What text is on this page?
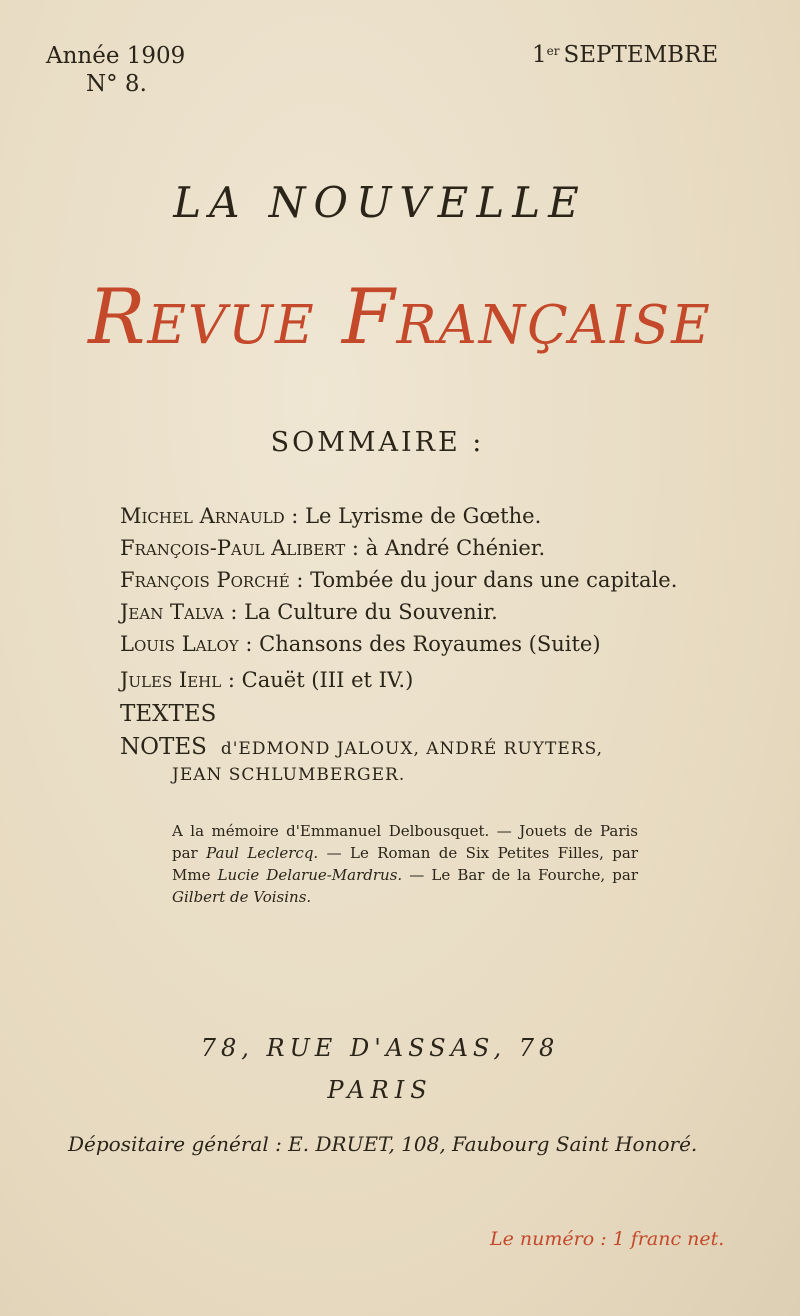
Année 1909
N° 8.
1er SEPTEMBRE
LA NOUVELLE
Revue Française
SOMMAIRE :
Michel Arnauld : Le Lyrisme de Gœthe.
François-Paul Alibert : à André Chénier.
François Porché : Tombée du jour dans une capitale.
Jean Talva : La Culture du Souvenir.
Louis Laloy : Chansons des Royaumes (Suite)
Jules Iehl : Cauët (III et IV.)
TEXTES
NOTES d'EDMOND JALOUX, ANDRÉ RUYTERS,
JEAN SCHLUMBERGER.
A la mémoire d'Emmanuel Delbousquet. — Jouets de Paris par Paul Leclercq. — Le Roman de Six Petites Filles, par Mme Lucie Delarue-Mardrus. — Le Bar de la Fourche, par Gilbert de Voisins.
78, RUE D'ASSAS, 78
PARIS
Dépositaire général : E. DRUET, 108, Faubourg Saint Honoré.
Le numéro : 1 franc net.
